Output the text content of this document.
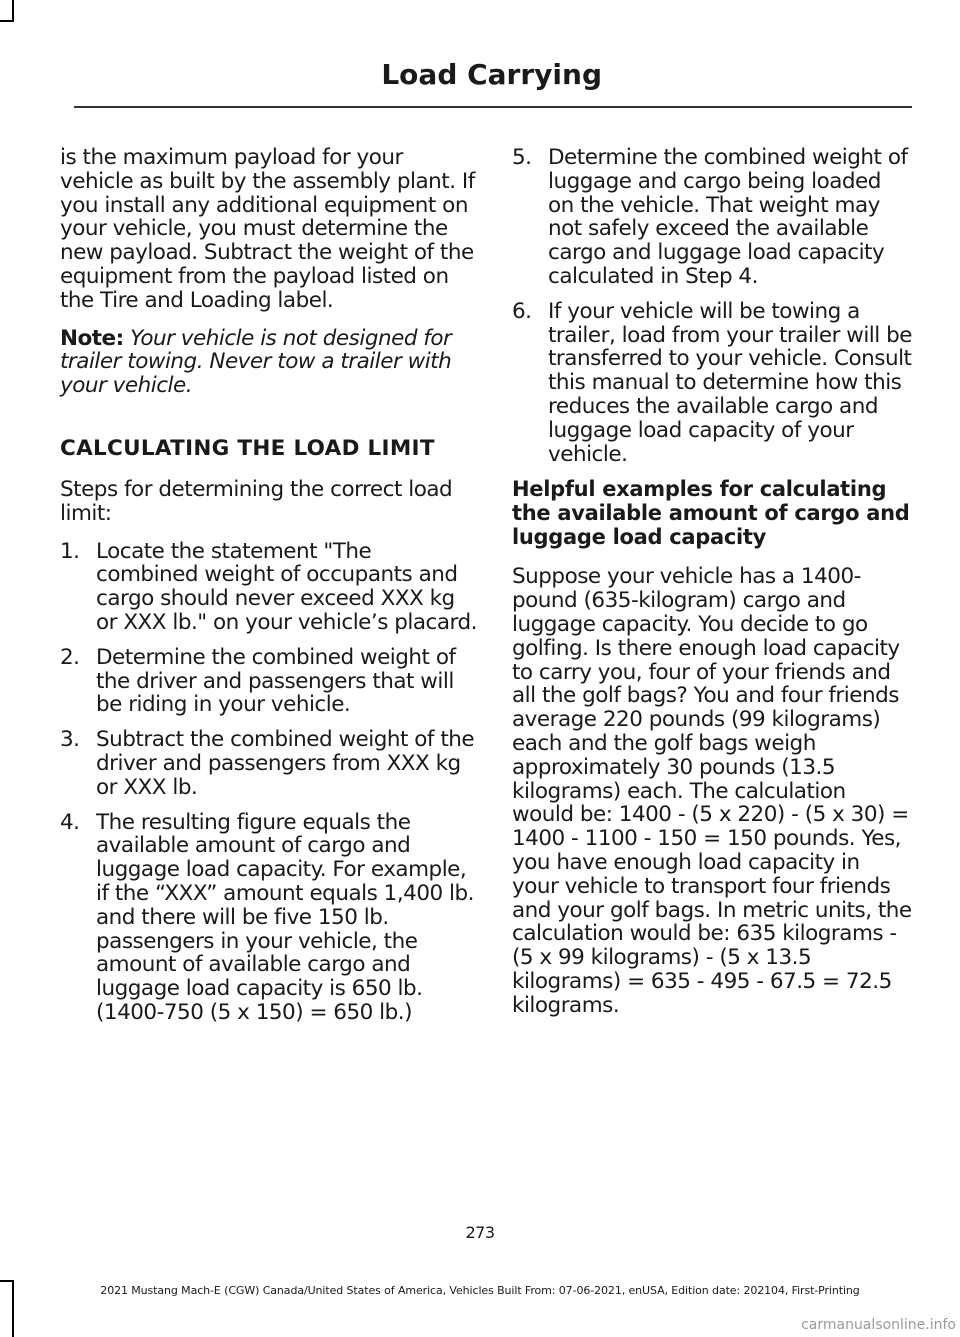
Load Carrying

is the maximum payload for your vehicle as built by the assembly plant. If you install any additional equipment on your vehicle, you must determine the new payload. Subtract the weight of the equipment from the payload listed on the Tire and Loading label.

Note: Your vehicle is not designed for trailer towing. Never tow a trailer with your vehicle.

CALCULATING THE LOAD LIMIT

Steps for determining the correct load limit:

1. Locate the statement "The combined weight of occupants and cargo should never exceed XXX kg or XXX lb." on your vehicle’s placard.
2. Determine the combined weight of the driver and passengers that will be riding in your vehicle.
3. Subtract the combined weight of the driver and passengers from XXX kg or XXX lb.
4. The resulting figure equals the available amount of cargo and luggage load capacity. For example, if the “XXX” amount equals 1,400 lb. and there will be five 150 lb. passengers in your vehicle, the amount of available cargo and luggage load capacity is 650 lb. (1400-750 (5 x 150) = 650 lb.)
5. Determine the combined weight of luggage and cargo being loaded on the vehicle. That weight may not safely exceed the available cargo and luggage load capacity calculated in Step 4.
6. If your vehicle will be towing a trailer, load from your trailer will be transferred to your vehicle. Consult this manual to determine how this reduces the available cargo and luggage load capacity of your vehicle.
Helpful examples for calculating the available amount of cargo and luggage load capacity

Suppose your vehicle has a 1400-pound (635-kilogram) cargo and luggage capacity. You decide to go golfing. Is there enough load capacity to carry you, four of your friends and all the golf bags? You and four friends average 220 pounds (99 kilograms) each and the golf bags weigh approximately 30 pounds (13.5 kilograms) each. The calculation would be: 1400 - (5 x 220) - (5 x 30) = 1400 - 1100 - 150 = 150 pounds. Yes, you have enough load capacity in your vehicle to transport four friends and your golf bags. In metric units, the calculation would be: 635 kilograms - (5 x 99 kilograms) - (5 x 13.5 kilograms) = 635 - 495 - 67.5 = 72.5 kilograms.

273

2021 Mustang Mach-E (CGW) Canada/United States of America, Vehicles Built From: 07-06-2021, enUSA, Edition date: 202104, First-Printing

carmanualsonline.info
